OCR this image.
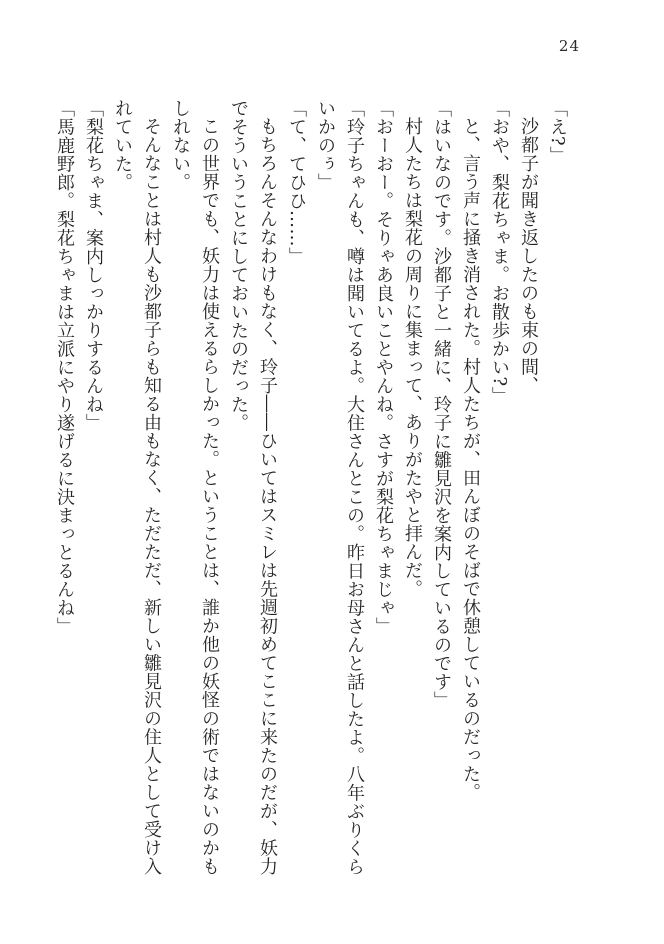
24

「え?」

沙都子が聞き返したのも束の間、

「おや、梨花ちゃま。お散歩かい?」

と、言う声に掻き消された。村人たちが、田んぼのそばで休憩しているのだった。

「はいなのです。沙都子と一緒に、玲子に雛見沢を案内しているのです」

村人たちは梨花の周りに集まって、ありがたやと拝んだ。

「おーおー。そりゃあ良いことやんね。さすが梨花ちゃまじゃ」

「玲子ちゃんも、噂は聞いてるよ。大住さんとこの。昨日お母さんと話したよ。八年ぶりくら

いかのぅ」

「て、てひひ……」

もちろんそんなわけもなく、玲子――ひいてはスミレは先週初めてここに来たのだが、妖力

でそういうことにしておいたのだった。

この世界でも、妖力は使えるらしかった。ということは、誰か他の妖怪の術ではないのかも

しれない。

そんなことは村人も沙都子らも知る由もなく、ただただ、新しい雛見沢の住人として受け入

れていた。

「梨花ちゃま、案内しっかりするんね」

「馬鹿野郎。梨花ちゃまは立派にやり遂げるに決まっとるんね」
